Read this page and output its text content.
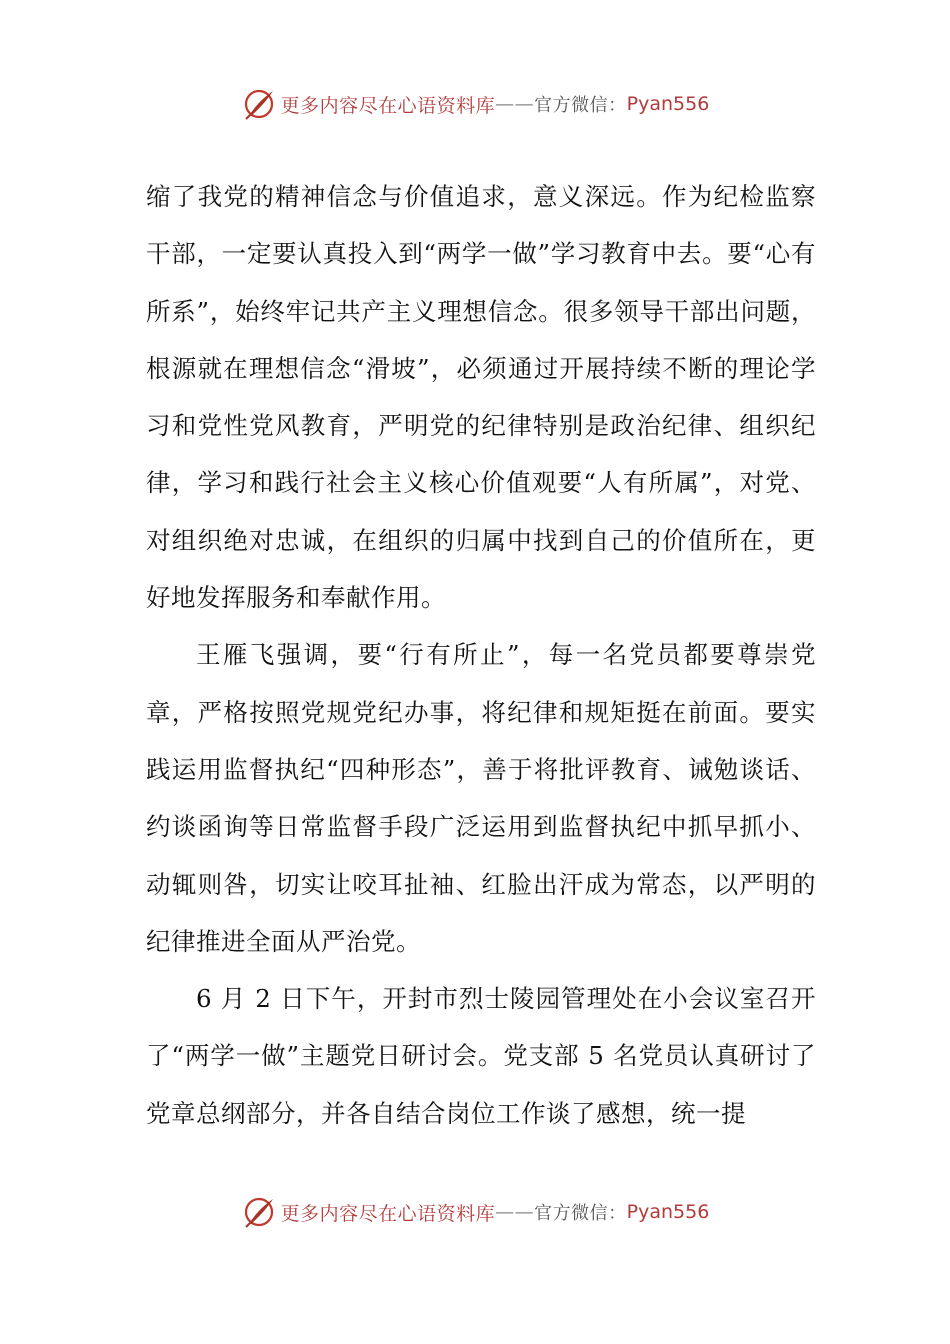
更多内容尽在心语资料库 —— 官方微信： Pyan556

缩了我党的精神信念与价值追求，意义深远。作为纪检监察干部，一定要认真投入到“两学一做”学习教育中去。要“心有所系”，始终牢记共产主义理想信念。很多领导干部出问题，根源就在理想信念“滑坡”，必须通过开展持续不断的理论学习和党性党风教育，严明党的纪律特别是政治纪律、组织纪律，学习和践行社会主义核心价值观要“人有所属”，对党、对组织绝对忠诚，在组织的归属中找到自己的价值所在，更好地发挥服务和奉献作用。

王雁飞强调，要“行有所止”，每一名党员都要尊崇党章，严格按照党规党纪办事，将纪律和规矩挺在前面。要实践运用监督执纪“四种形态”，善于将批评教育、诫勉谈话、约谈函询等日常监督手段广泛运用到监督执纪中抓早抓小、动辄则咎，切实让咬耳扯袖、红脸出汗成为常态，以严明的纪律推进全面从严治党。

6 月 2 日下午，开封市烈士陵园管理处在小会议室召开了“两学一做”主题党日研讨会。党支部 5 名党员认真研讨了党章总纲部分，并各自结合岗位工作谈了感想，统一提

更多内容尽在心语资料库 —— 官方微信： Pyan556
